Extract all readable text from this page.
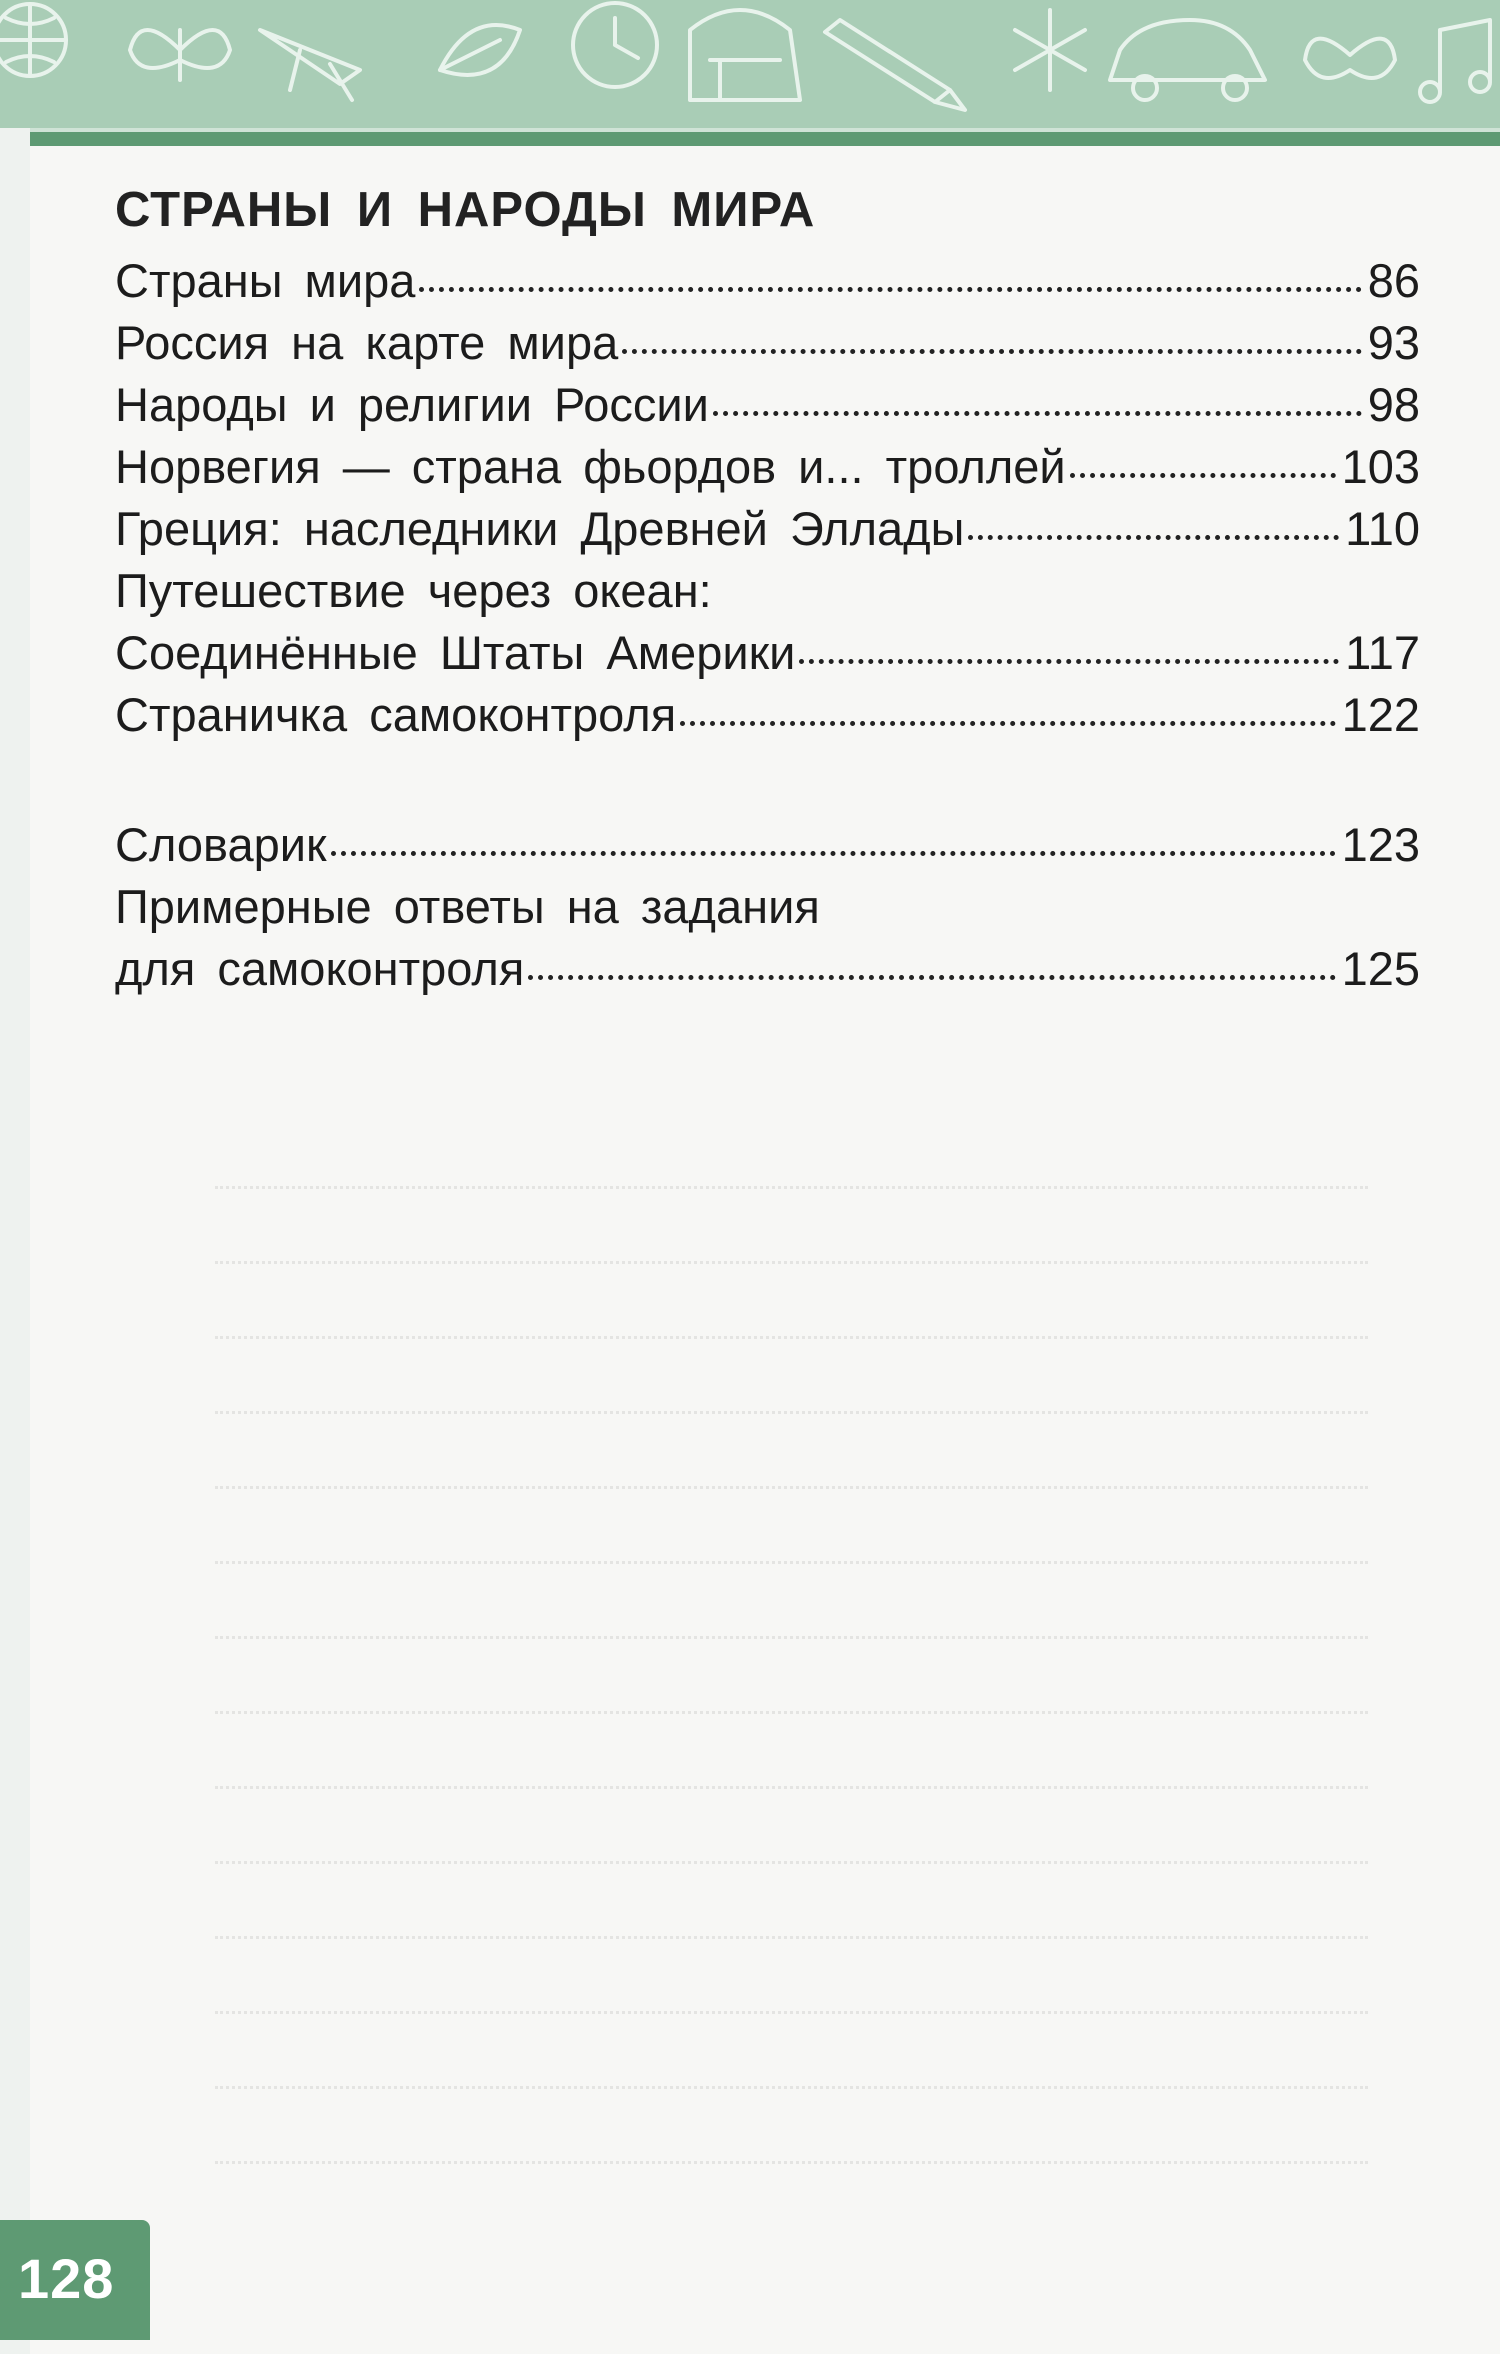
СТРАНЫ И НАРОДЫ МИРА
Страны мира	86
Россия на карте мира	93
Народы и религии России	98
Норвегия — страна фьордов и... троллей	103
Греция: наследники Древней Эллады	110
Путешествие через океан:
Соединённые Штаты Америки	117
Страничка самоконтроля	122
Словарик	123
Примерные ответы на задания
для самоконтроля	125
128
